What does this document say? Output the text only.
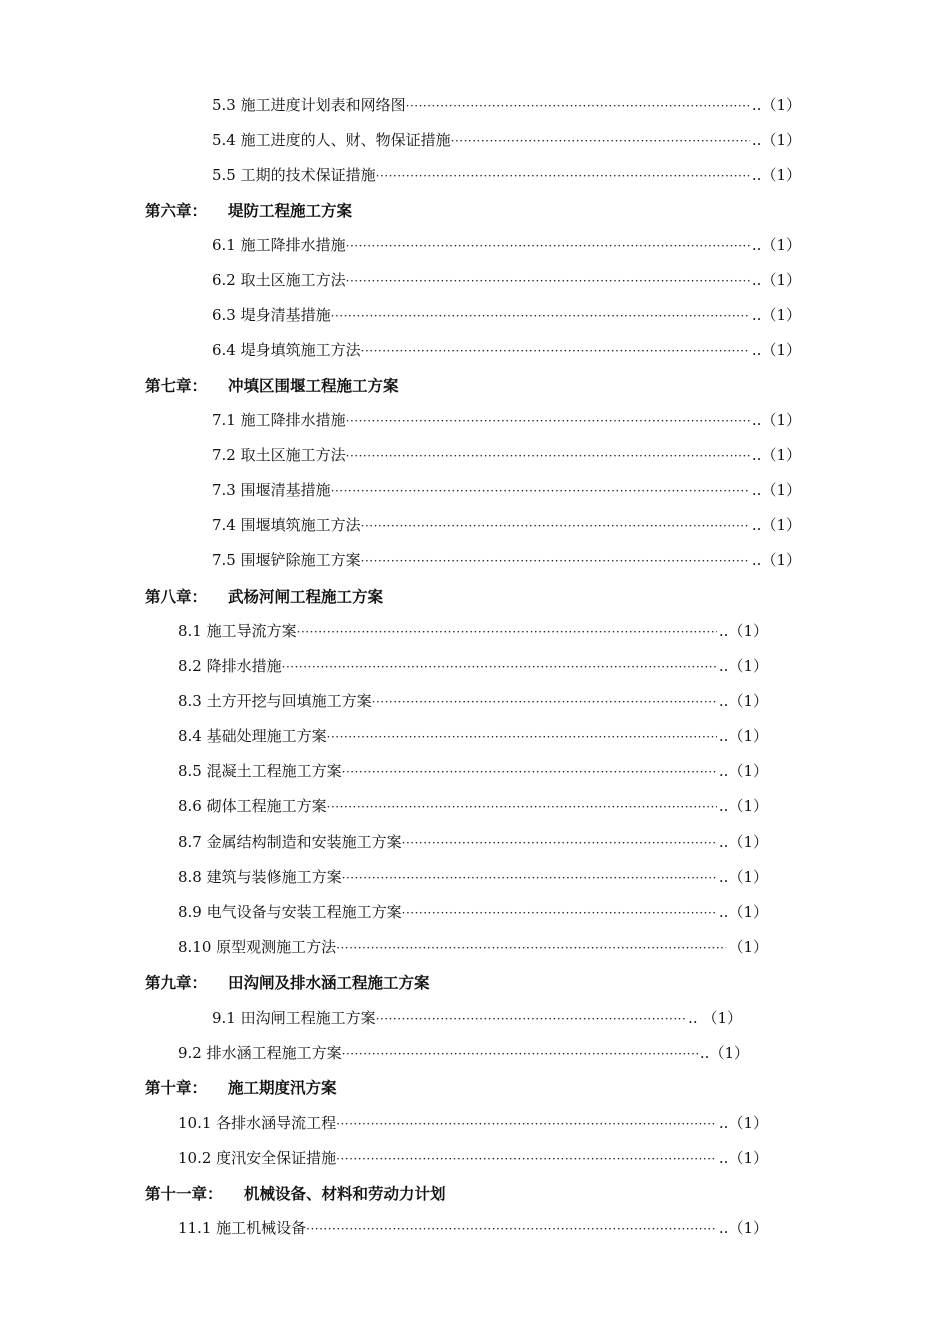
5.3 施工进度计划表和网络图 ·····	..（1）
5.4 施工进度的人、财、物保证措施 ·····	..（1）
5.5 工期的技术保证措施 ·····	..（1）
第六章：	堤防工程施工方案
6.1 施工降排水措施 ·····	..（1）
6.2 取土区施工方法 ·····	..（1）
6.3 堤身清基措施 ·····	..（1）
6.4 堤身填筑施工方法 ·····	..（1）
第七章：	冲填区围堰工程施工方案
7.1 施工降排水措施 ·····	..（1）
7.2 取土区施工方法 ·····	..（1）
7.3 围堰清基措施 ·····	..（1）
7.4 围堰填筑施工方法 ·····	..（1）
7.5 围堰铲除施工方案 ·····	..（1）
第八章：	武杨河闸工程施工方案
8.1 施工导流方案 ·····	..（1）
8.2 降排水措施 ·····	..（1）
8.3 土方开挖与回填施工方案 ·····	..（1）
8.4 基础处理施工方案 ·····	..（1）
8.5 混凝土工程施工方案 ·····	..（1）
8.6 砌体工程施工方案 ·····	..（1）
8.7 金属结构制造和安装施工方案 ·····	..（1）
8.8 建筑与装修施工方案 ·····	..（1）
8.9 电气设备与安装工程施工方案 ·····	..（1）
8.10 原型观测施工方法 ·····	（1）
第九章：	田沟闸及排水涵工程施工方案
9.1 田沟闸工程施工方案 ·····	.. （1）
9.2 排水涵工程施工方案 ·····	..（1）
第十章：	施工期度汛方案
10.1 各排水涵导流工程 ·····	..（1）
10.2 度汛安全保证措施 ·····	..（1）
第十一章：	机械设备、材料和劳动力计划
11.1 施工机械设备 ·····	..（1）
